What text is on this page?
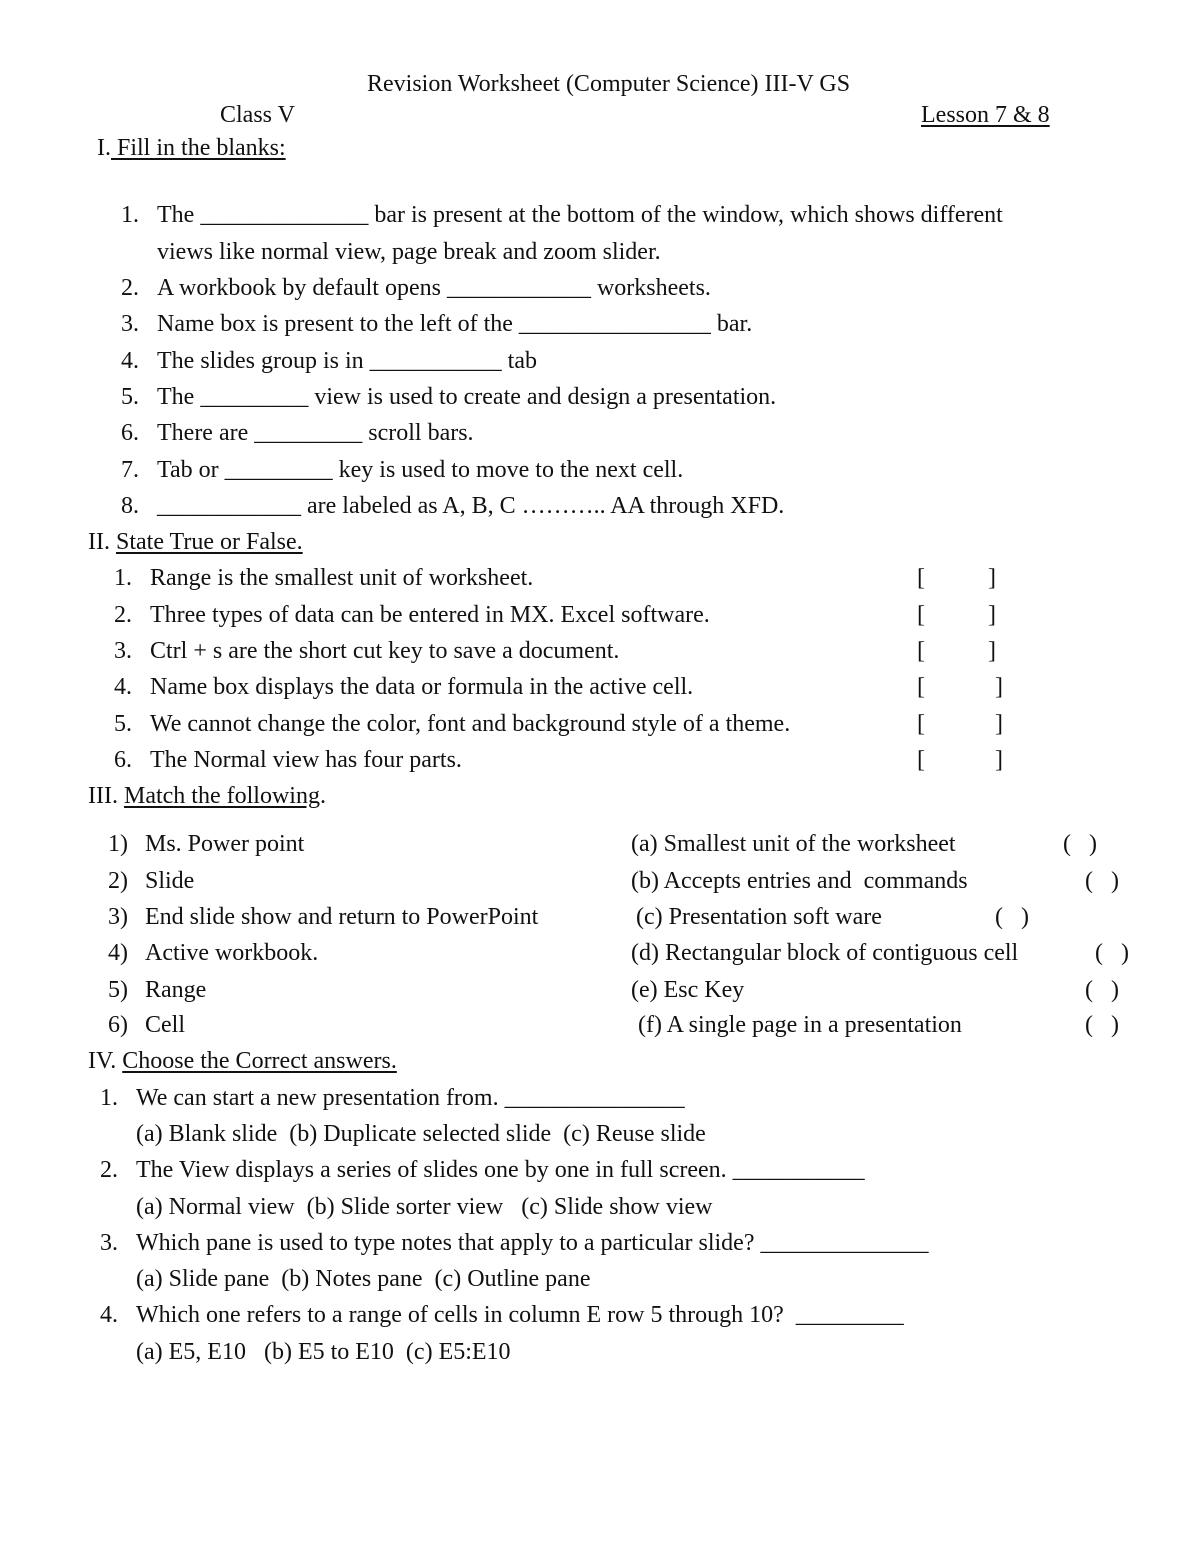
Revision Worksheet (Computer Science) III-V GS
Class V	Lesson 7 & 8
I. Fill in the blanks:
1. The ______________ bar is present at the bottom of the window, which shows different
views like normal view, page break and zoom slider.
2. A workbook by default opens ____________ worksheets.
3. Name box is present to the left of the ________________ bar.
4. The slides group is in ___________ tab
5. The _________ view is used to create and design a presentation.
6. There are _________ scroll bars.
7. Tab or _________ key is used to move to the next cell.
8. ____________ are labeled as A, B, C ……….. AA through XFD.
II. State True or False.
1. Range is the smallest unit of worksheet.	[	]
2. Three types of data can be entered in MX. Excel software.	[	]
3. Ctrl + s are the short cut key to save a document.	[	]
4. Name box displays the data or formula in the active cell.	[	]
5. We cannot change the color, font and background style of a theme.	[	]
6. The Normal view has four parts.	[	]
III. Match the following.
1) Ms. Power point	(a) Smallest unit of the worksheet	(   )
2) Slide	(b) Accepts entries and  commands	(   )
3) End slide show and return to PowerPoint	(c) Presentation soft ware	(   )
4) Active workbook.	(d) Rectangular block of contiguous cell	(   )
5) Range	(e) Esc Key	(   )
6) Cell	(f) A single page in a presentation	(   )
IV. Choose the Correct answers.
1. We can start a new presentation from. _______________
(a) Blank slide  (b) Duplicate selected slide  (c) Reuse slide
2. The View displays a series of slides one by one in full screen. ___________
(a) Normal view  (b) Slide sorter view   (c) Slide show view
3. Which pane is used to type notes that apply to a particular slide? ______________
(a) Slide pane  (b) Notes pane  (c) Outline pane
4. Which one refers to a range of cells in column E row 5 through 10?  _________
(a) E5, E10   (b) E5 to E10  (c) E5:E10
